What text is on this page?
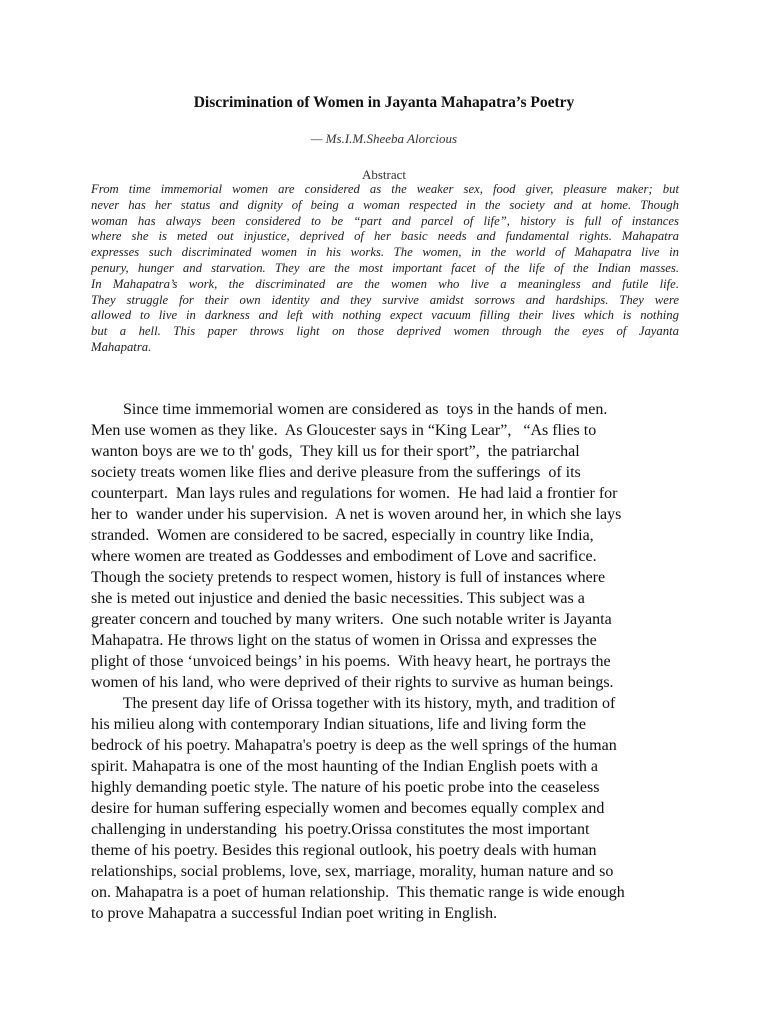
Discrimination of Women in Jayanta Mahapatra’s Poetry
— Ms.I.M.Sheeba Alorcious
Abstract
From time immemorial women are considered as the weaker sex, food giver, pleasure maker; but
never has her status and dignity of being a woman respected in the society and at home. Though
woman has always been considered to be “part and parcel of life”, history is full of instances
where she is meted out injustice, deprived of her basic needs and fundamental rights. Mahapatra
expresses such discriminated women in his works. The women, in the world of Mahapatra live in
penury, hunger and starvation. They are the most important facet of the life of the Indian masses.
In Mahapatra’s work, the discriminated are the women who live a meaningless and futile life.
They struggle for their own identity and they survive amidst sorrows and hardships. They were
allowed to live in darkness and left with nothing expect vacuum filling their lives which is nothing
but a hell. This paper throws light on those deprived women through the eyes of Jayanta
Mahapatra.
Since time immemorial women are considered as  toys in the hands of men.
Men use women as they like.  As Gloucester says in “King Lear”,   “As flies to
wanton boys are we to th' gods,  They kill us for their sport”,  the patriarchal
society treats women like flies and derive pleasure from the sufferings  of its
counterpart.  Man lays rules and regulations for women.  He had laid a frontier for
her to  wander under his supervision.  A net is woven around her, in which she lays
stranded.  Women are considered to be sacred, especially in country like India,
where women are treated as Goddesses and embodiment of Love and sacrifice.
Though the society pretends to respect women, history is full of instances where
she is meted out injustice and denied the basic necessities. This subject was a
greater concern and touched by many writers.  One such notable writer is Jayanta
Mahapatra. He throws light on the status of women in Orissa and expresses the
plight of those ‘unvoiced beings’ in his poems.  With heavy heart, he portrays the
women of his land, who were deprived of their rights to survive as human beings.
The present day life of Orissa together with its history, myth, and tradition of
his milieu along with contemporary Indian situations, life and living form the
bedrock of his poetry. Mahapatra's poetry is deep as the well springs of the human
spirit. Mahapatra is one of the most haunting of the Indian English poets with a
highly demanding poetic style. The nature of his poetic probe into the ceaseless
desire for human suffering especially women and becomes equally complex and
challenging in understanding  his poetry.Orissa constitutes the most important
theme of his poetry. Besides this regional outlook, his poetry deals with human
relationships, social problems, love, sex, marriage, morality, human nature and so
on. Mahapatra is a poet of human relationship.  This thematic range is wide enough
to prove Mahapatra a successful Indian poet writing in English.
